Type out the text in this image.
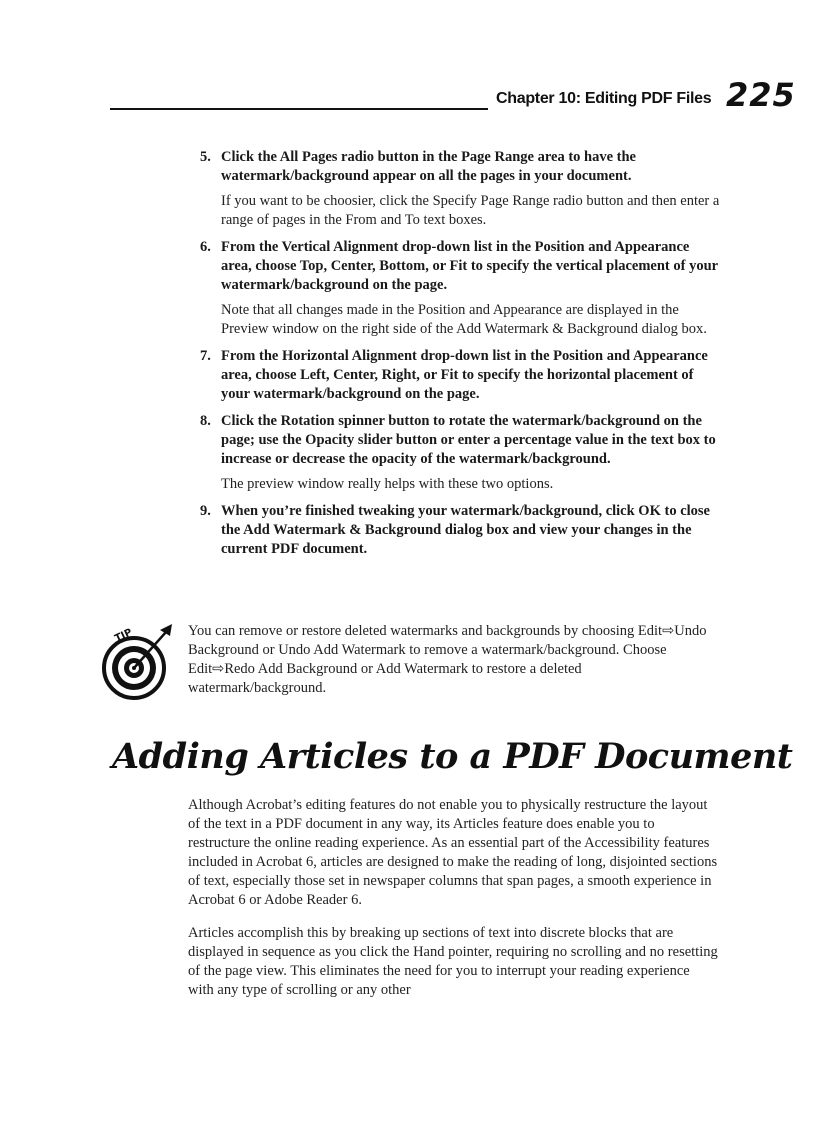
Chapter 10: Editing PDF Files 225
5. Click the All Pages radio button in the Page Range area to have the watermark/background appear on all the pages in your document.
If you want to be choosier, click the Specify Page Range radio button and then enter a range of pages in the From and To text boxes.
6. From the Vertical Alignment drop-down list in the Position and Appearance area, choose Top, Center, Bottom, or Fit to specify the vertical placement of your watermark/background on the page.
Note that all changes made in the Position and Appearance are displayed in the Preview window on the right side of the Add Watermark & Background dialog box.
7. From the Horizontal Alignment drop-down list in the Position and Appearance area, choose Left, Center, Right, or Fit to specify the horizontal placement of your watermark/background on the page.
8. Click the Rotation spinner button to rotate the watermark/background on the page; use the Opacity slider button or enter a percentage value in the text box to increase or decrease the opacity of the watermark/background.
The preview window really helps with these two options.
9. When you’re finished tweaking your watermark/background, click OK to close the Add Watermark & Background dialog box and view your changes in the current PDF document.
TIP	You can remove or restore deleted watermarks and backgrounds by choosing Edit⇨Undo Background or Undo Add Watermark to remove a watermark/background. Choose Edit⇨Redo Add Background or Add Watermark to restore a deleted watermark/background.
Adding Articles to a PDF Document

Although Acrobat’s editing features do not enable you to physically restructure the layout of the text in a PDF document in any way, its Articles feature does enable you to restructure the online reading experience. As an essential part of the Accessibility features included in Acrobat 6, articles are designed to make the reading of long, disjointed sections of text, especially those set in newspaper columns that span pages, a smooth experience in Acrobat 6 or Adobe Reader 6.

Articles accomplish this by breaking up sections of text into discrete blocks that are displayed in sequence as you click the Hand pointer, requiring no scrolling and no resetting of the page view. This eliminates the need for you to interrupt your reading experience with any type of scrolling or any other
